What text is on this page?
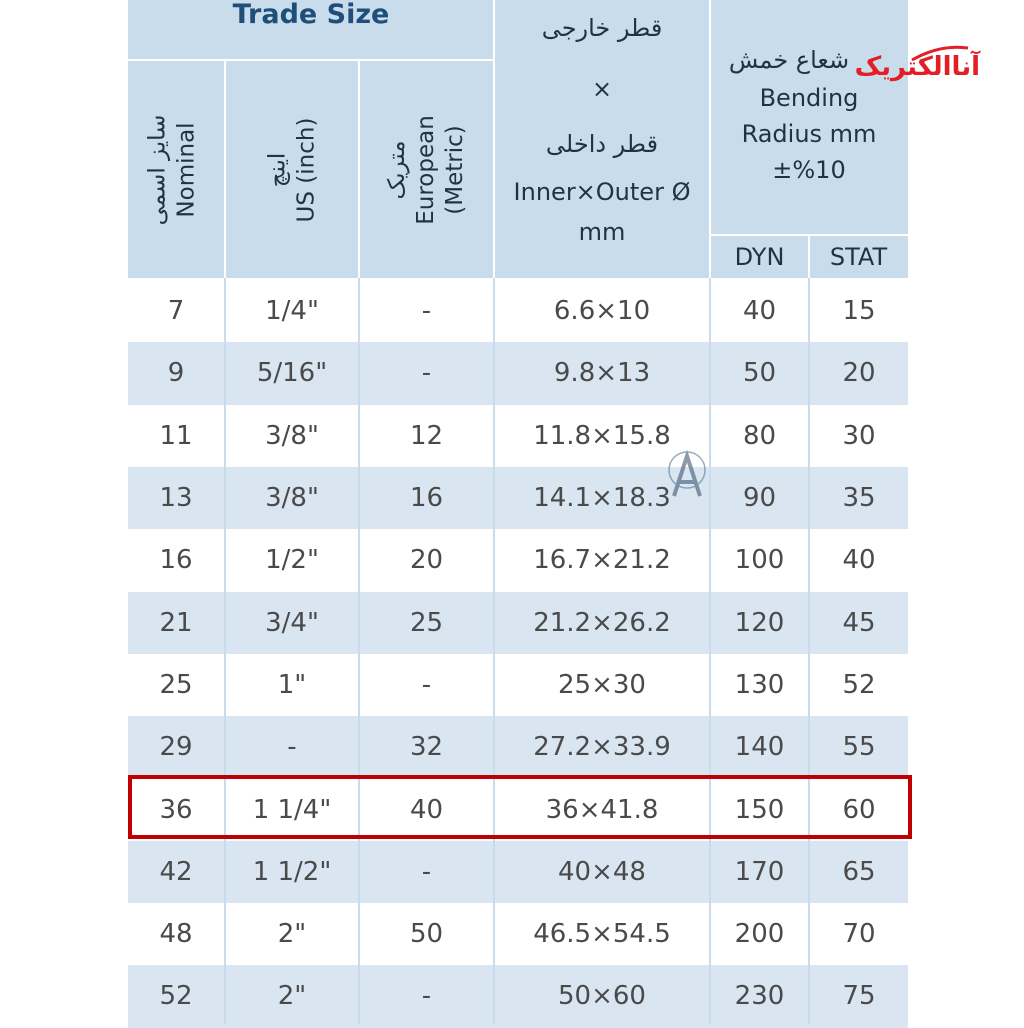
Trade Size
سایز اسمی Nominal	اینچ US (inch)	متریک European (Metric)
قطر خارجی
×
قطر داخلی
Inner×Outer Ø
mm
شعاع خمش
Bending
Radius mm
±%10
DYN	STAT
7	1/4"	-	6.6×10	40	15
9	5/16"	-	9.8×13	50	20
11	3/8"	12	11.8×15.8	80	30
13	3/8"	16	14.1×18.3	90	35
16	1/2"	20	16.7×21.2	100	40
21	3/4"	25	21.2×26.2	120	45
25	1"	-	25×30	130	52
29	-	32	27.2×33.9	140	55
36	1 1/4"	40	36×41.8	150	60
42	1 1/2"	-	40×48	170	65
48	2"	50	46.5×54.5	200	70
52	2"	-	50×60	230	75
آناالکتریک
